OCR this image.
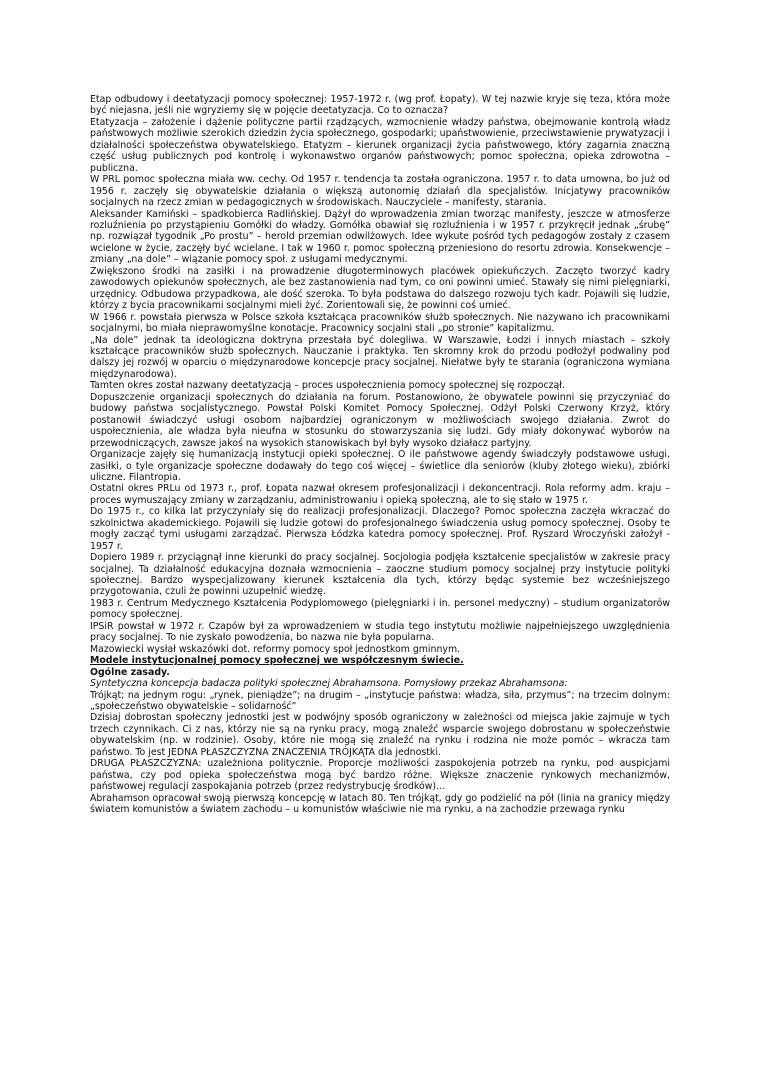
Etap odbudowy i deetatyzacji pomocy społecznej: 1957-1972 r. (wg prof. Łopaty). W tej nazwie kryje się teza, która może być niejasna, jeśli nie wgryziemy się w pojęcie deetatyzacja. Co to oznacza?

Etatyzacja – założenie i dążenie polityczne partii rządzących, wzmocnienie władzy państwa, obejmowanie kontrolą władz państwowych możliwie szerokich dziedzin życia społecznego, gospodarki; upaństwowienie, przeciwstawienie prywatyzacji i działalności społeczeństwa obywatelskiego. Etatyzm – kierunek organizacji życia państwowego, który zagarnia znaczną część usług publicznych pod kontrolę i wykonawstwo organów państwowych; pomoc społeczna, opieka zdrowotna – publiczna.

W PRL pomoc społeczna miała ww. cechy. Od 1957 r. tendencja ta została ograniczona. 1957 r. to data umowna, bo już od 1956 r. zaczęły się obywatelskie działania o większą autonomię działań dla specjalistów. Inicjatywy pracowników socjalnych na rzecz zmian w pedagogicznych w środowiskach. Nauczyciele – manifesty, starania.

Aleksander Kamiński – spadkobierca Radlińskiej. Dążył do wprowadzenia zmian tworząc manifesty, jeszcze w atmosferze rozluźnienia po przystąpieniu Gomółki do władzy. Gomółka obawiał się rozluźnienia i w 1957 r. przykręcił jednak „śrubę” np. rozwiązał tygodnik „Po prostu” – herold przemian odwilżowych. Idee wykute pośród tych pedagogów zostały z czasem wcielone w życie, zaczęły być wcielane. I tak w 1960 r. pomoc społeczną przeniesiono do resortu zdrowia. Konsekwencje – zmiany „na dole” – wiązanie pomocy społ. z usługami medycznymi.

Zwiększono środki na zasiłki i na prowadzenie długoterminowych placówek opiekuńczych. Zaczęto tworzyć kadry zawodowych opiekunów społecznych, ale bez zastanowienia nad tym, co oni powinni umieć. Stawały się nimi pielęgniarki, urzędnicy. Odbudowa przypadkowa, ale dość szeroka. To była podstawa do dalszego rozwoju tych kadr. Pojawili się ludzie, którzy z bycia pracownikami socjalnymi mieli żyć. Zorientowali się, że powinni coś umieć.

W 1966 r. powstała pierwsza w Polsce szkoła kształcąca pracowników służb społecznych. Nie nazywano ich pracownikami socjalnymi, bo miała nieprawomyślne konotacje. Pracownicy socjalni stali „po stronie” kapitalizmu.

„Na dole” jednak ta ideologiczna doktryna przestała być dolegliwa. W Warszawie, Łodzi i innych miastach – szkoły kształcące pracowników służb społecznych. Nauczanie i praktyka. Ten skromny krok do przodu podłożył podwaliny pod dalszy jej rozwój w oparciu o międzynarodowe koncepcje pracy socjalnej. Niełatwe były te starania (ograniczona wymiana międzynarodowa).

Tamten okres został nazwany deetatyzacją – proces uspołecznienia pomocy społecznej się rozpoczął.

Dopuszczenie organizacji społecznych do działania na forum. Postanowiono, że obywatele powinni się przyczyniać do budowy państwa socjalistycznego. Powstał Polski Komitet Pomocy Społecznej. Odżył Polski Czerwony Krzyż, który postanowił świadczyć usługi osobom najbardziej ograniczonym w możliwościach swojego działania. Zwrot do uspołecznienia, ale władza była nieufna w stosunku do stowarzyszania się ludzi. Gdy miały dokonywać wyborów na przewodniczących, zawsze jakoś na wysokich stanowiskach był były wysoko działacz partyjny.

Organizacje zajęły się humanizacją instytucji opieki społecznej. O ile państwowe agendy świadczyły podstawowe usługi, zasiłki, o tyle organizacje społeczne dodawały do tego coś więcej – świetlice dla seniorów (kluby złotego wieku), zbiórki uliczne. Filantropia.

Ostatni okres PRLu od 1973 r., prof. Łopata nazwał okresem profesjonalizacji i dekoncentracji. Rola reformy adm. kraju – proces wymuszający zmiany w zarządzaniu, administrowaniu i opieką społeczną, ale to się stało w 1975 r.

Do 1975 r., co kilka lat przyczyniały się do realizacji profesjonalizacji. Dlaczego? Pomoc społeczna zaczęła wkraczać do szkolnictwa akademickiego. Pojawili się ludzie gotowi do profesjonalnego świadczenia usług pomocy społecznej. Osoby te mogły zacząć tymi usługami zarządzać. Pierwsza Łódzka katedra pomocy społecznej. Prof. Ryszard Wroczyński założył - 1957 r.

Dopiero 1989 r. przyciągnął inne kierunki do pracy socjalnej. Socjologia podjęła kształcenie specjalistów w zakresie pracy socjalnej. Ta działalność edukacyjna doznała wzmocnienia – zaoczne studium pomocy socjalnej przy instytucie polityki społecznej. Bardzo wyspecjalizowany kierunek kształcenia dla tych, którzy będąc systemie bez wcześniejszego przygotowania, czuli że powinni uzupełnić wiedzę.

1983 r. Centrum Medycznego Kształcenia Podyplomowego (pielęgniarki i in. personel medyczny) – studium organizatorów pomocy społecznej.

IPSiR powstał w 1972 r. Czapów był za wprowadzeniem w studia tego instytutu możliwie najpełniejszego uwzględnienia pracy socjalnej. To nie zyskało powodzenia, bo nazwa nie była popularna.

Mazowiecki wysłał wskazówki dot. reformy pomocy społ jednostkom gminnym.

Modele instytucjonalnej pomocy społecznej we współczesnym świecie.

Ogólne zasady.

Syntetyczna koncepcja badacza polityki społecznej Abrahamsona. Pomysłowy przekaz Abrahamsona:

Trójkąt; na jednym rogu: „rynek, pieniądze”; na drugim – „instytucje państwa: władza, siła, przymus”; na trzecim dolnym: „społeczeństwo obywatelskie – solidarność”

Dzisiaj dobrostan społeczny jednostki jest w podwójny sposób ograniczony w zależności od miejsca jakie zajmuje w tych trzech czynnikach. Ci z nas, którzy nie są na rynku pracy, mogą znaleźć wsparcie swojego dobrostanu w społeczeństwie obywatelskim (np. w rodzinie). Osoby, które nie mogą się znaleźć na rynku i rodzina nie może pomóc – wkracza tam państwo. To jest JEDNA PŁASZCZYZNA ZNACZENIA TRÓJKĄTA dla jednostki.

DRUGA PŁASZCZYZNA: uzależniona politycznie. Proporcje możliwości zaspokojenia potrzeb na rynku, pod auspicjami państwa, czy pod opieka społeczeństwa mogą być bardzo różne. Większe znaczenie rynkowych mechanizmów, państwowej regulacji zaspokajania potrzeb (przez redystrybucję środków)…

Abrahamson opracował swoją pierwszą koncepcję w latach 80. Ten trójkąt, gdy go podzielić na pół (linia na granicy między światem komunistów a światem zachodu – u komunistów właściwie nie ma rynku, a na zachodzie przewaga rynku
